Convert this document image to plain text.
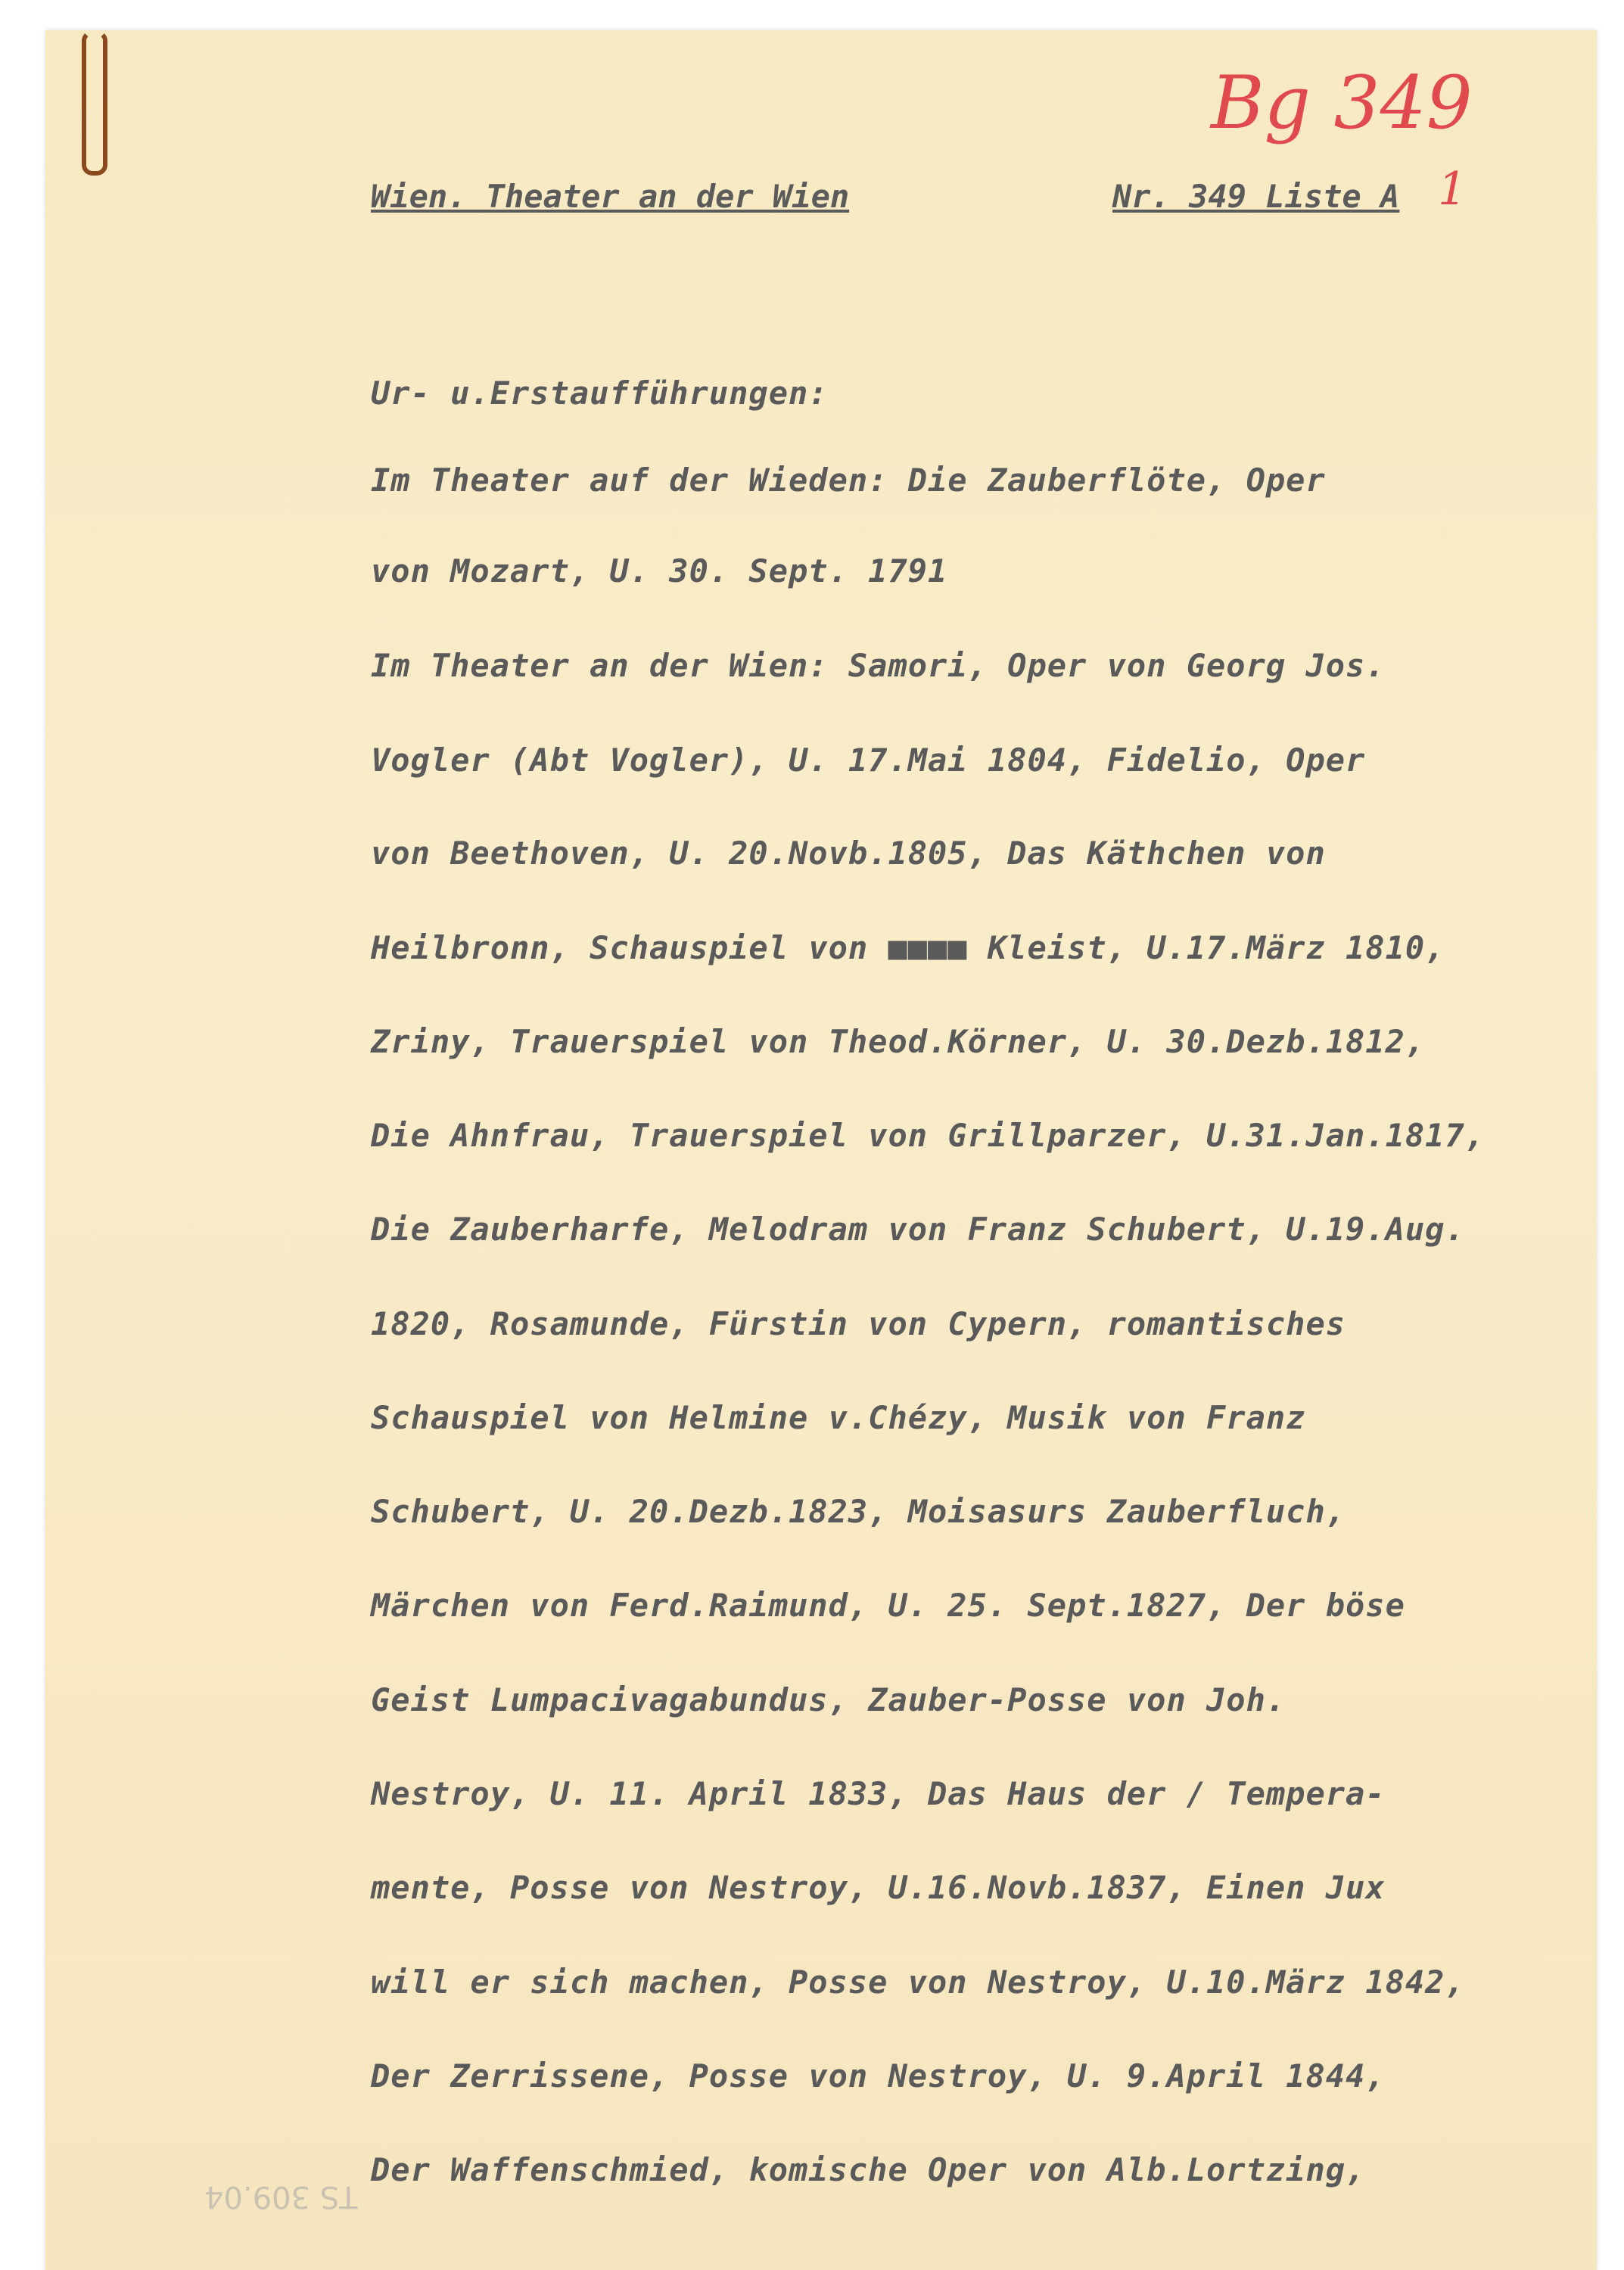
Bg 349
1
Wien. Theater an der Wien	Nr. 349 Liste A
Ur- u.Erstaufführungen:
Im Theater auf der Wieden: Die Zauberflöte, Oper
von Mozart, U. 30. Sept. 1791
Im Theater an der Wien: Samori, Oper von Georg Jos.
Vogler (Abt Vogler), U. 17.Mai 1804, Fidelio, Oper
von Beethoven, U. 20.Novb.1805, Das Käthchen von
Heilbronn, Schauspiel von ■■■■ Kleist, U.17.März 1810,
Zriny, Trauerspiel von Theod.Körner, U. 30.Dezb.1812,
Die Ahnfrau, Trauerspiel von Grillparzer, U.31.Jan.1817,
Die Zauberharfe, Melodram von Franz Schubert, U.19.Aug.
1820, Rosamunde, Fürstin von Cypern, romantisches
Schauspiel von Helmine v.Chézy, Musik von Franz
Schubert, U. 20.Dezb.1823, Moisasurs Zauberfluch,
Märchen von Ferd.Raimund, U. 25. Sept.1827, Der böse
Geist Lumpacivagabundus, Zauber-Posse von Joh.
Nestroy, U. 11. April 1833, Das Haus der / Tempera-
mente, Posse von Nestroy, U.16.Novb.1837, Einen Jux
will er sich machen, Posse von Nestroy, U.10.März 1842,
Der Zerrissene, Posse von Nestroy, U. 9.April 1844,
Der Waffenschmied, komische Oper von Alb.Lortzing,
TS 309.04
